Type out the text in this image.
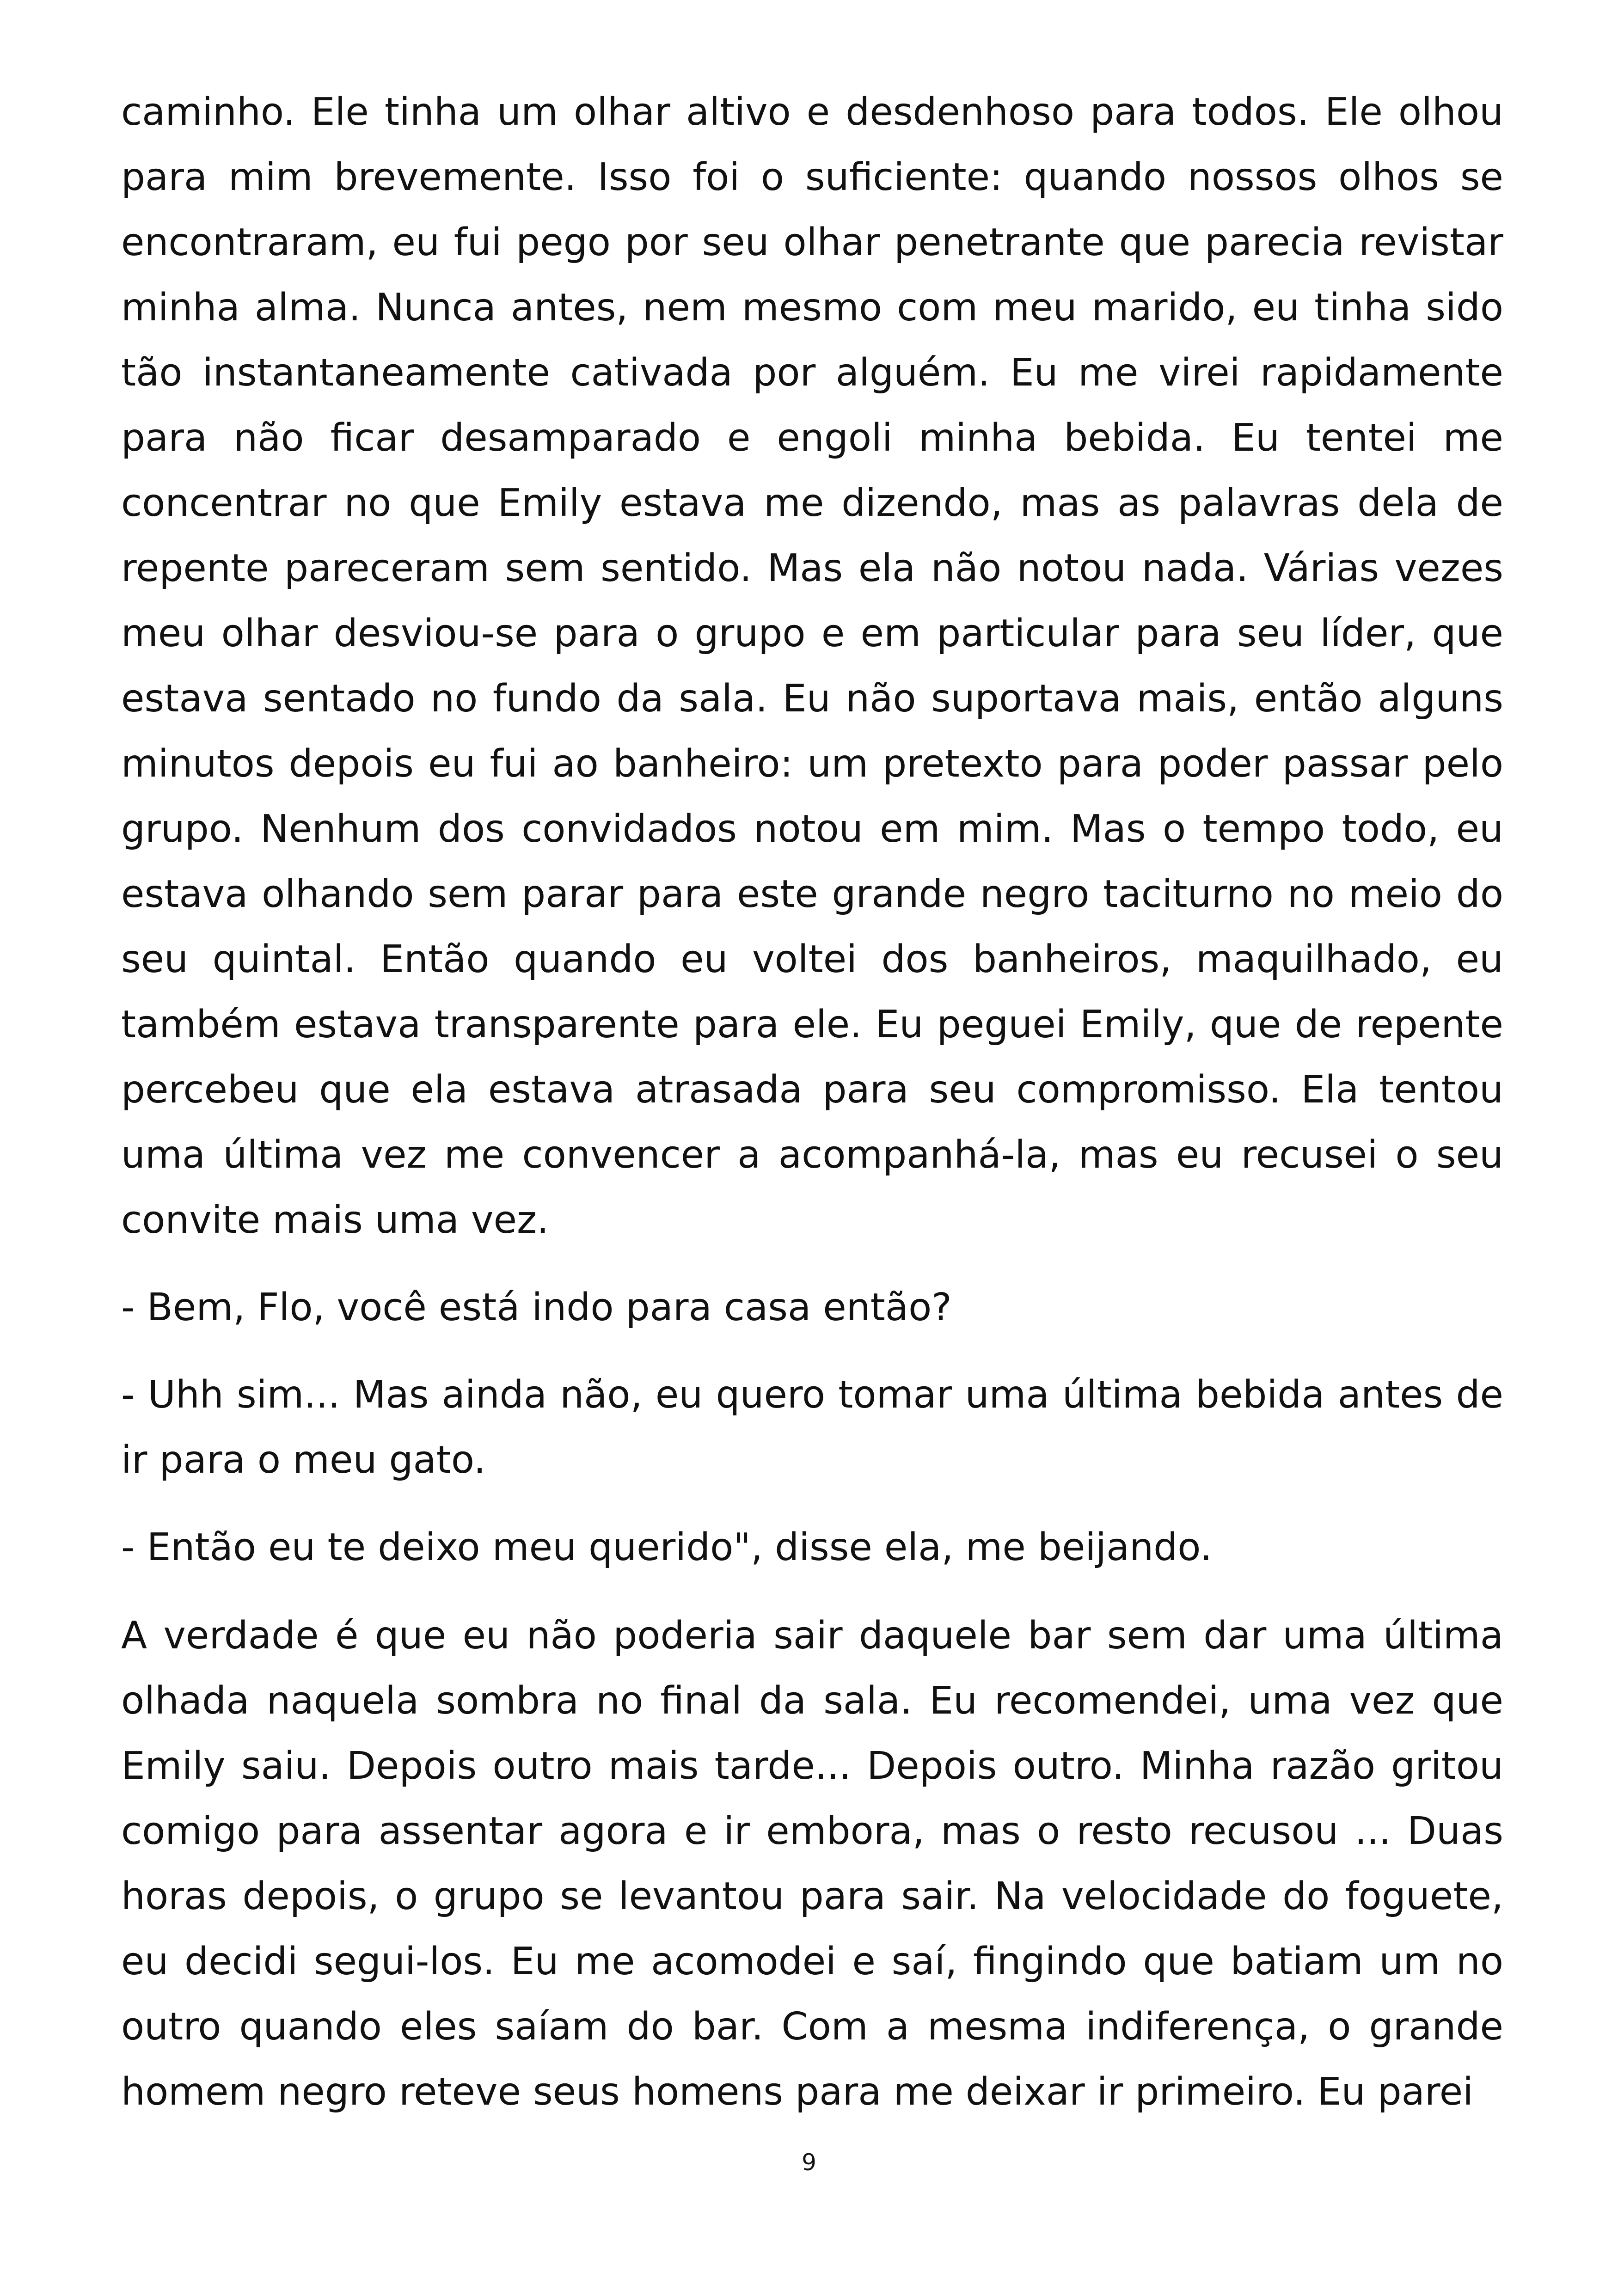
caminho. Ele tinha um olhar altivo e desdenhoso para todos. Ele olhou para mim brevemente. Isso foi o suficiente: quando nossos olhos se encontraram, eu fui pego por seu olhar penetrante que parecia revistar minha alma. Nunca antes, nem mesmo com meu marido, eu tinha sido tão instantaneamente cativada por alguém. Eu me virei rapidamente para não ficar desamparado e engoli minha bebida. Eu tentei me concentrar no que Emily estava me dizendo, mas as palavras dela de repente pareceram sem sentido. Mas ela não notou nada. Várias vezes meu olhar desviou-se para o grupo e em particular para seu líder, que estava sentado no fundo da sala. Eu não suportava mais, então alguns minutos depois eu fui ao banheiro: um pretexto para poder passar pelo grupo. Nenhum dos convidados notou em mim. Mas o tempo todo, eu estava olhando sem parar para este grande negro taciturno no meio do seu quintal. Então quando eu voltei dos banheiros, maquilhado, eu também estava transparente para ele. Eu peguei Emily, que de repente percebeu que ela estava atrasada para seu compromisso. Ela tentou uma última vez me convencer a acompanhá-la, mas eu recusei o seu convite mais uma vez.

- Bem, Flo, você está indo para casa então?

- Uhh sim... Mas ainda não, eu quero tomar uma última bebida antes de ir para o meu gato.

- Então eu te deixo meu querido", disse ela, me beijando.

A verdade é que eu não poderia sair daquele bar sem dar uma última olhada naquela sombra no final da sala. Eu recomendei, uma vez que Emily saiu. Depois outro mais tarde... Depois outro. Minha razão gritou comigo para assentar agora e ir embora, mas o resto recusou ... Duas horas depois, o grupo se levantou para sair. Na velocidade do foguete, eu decidi segui-los. Eu me acomodei e saí, fingindo que batiam um no outro quando eles saíam do bar. Com a mesma indiferença, o grande homem negro reteve seus homens para me deixar ir primeiro. Eu parei

9
